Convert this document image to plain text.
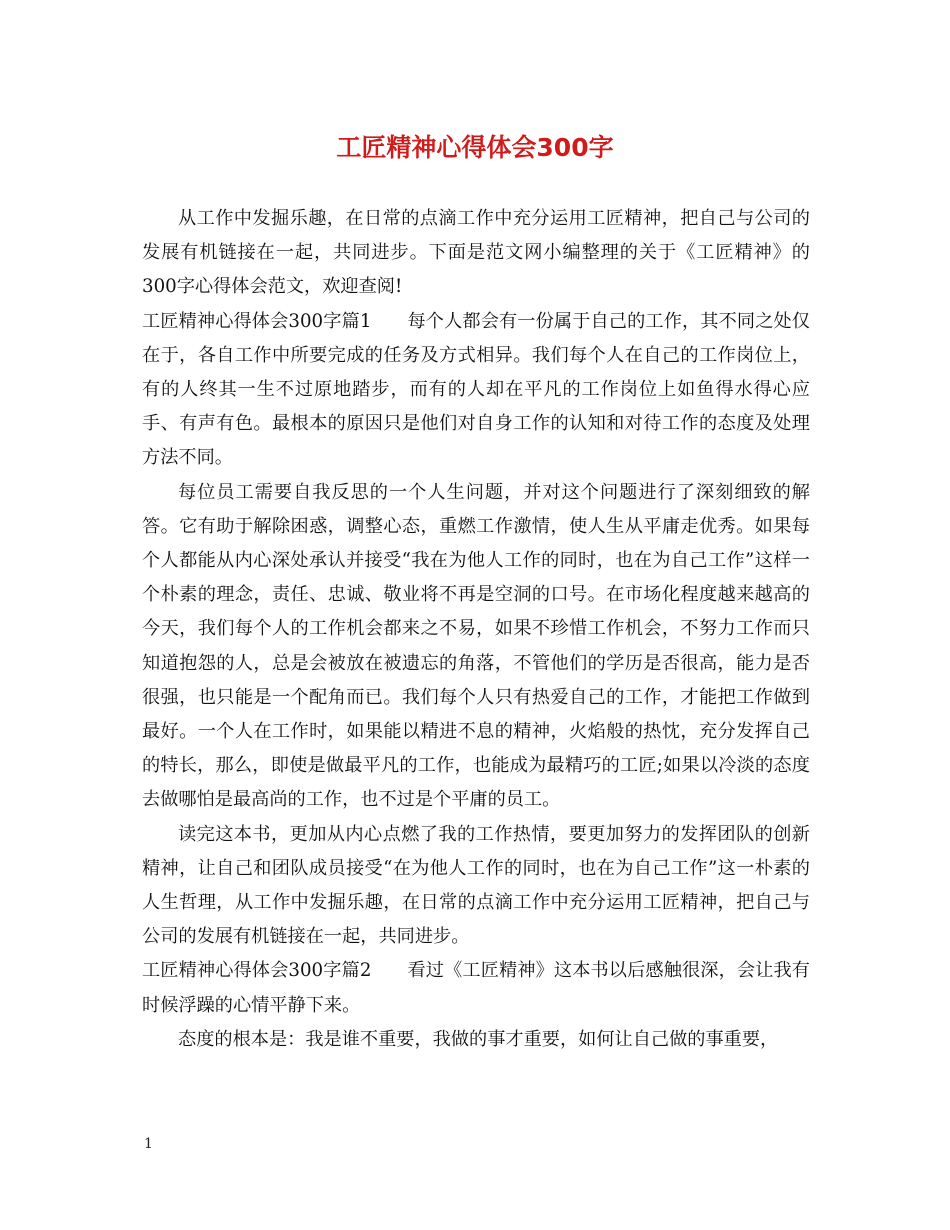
工匠精神心得体会300字

从工作中发掘乐趣，在日常的点滴工作中充分运用工匠精神，把自己与公司的发展有机链接在一起，共同进步。下面是范文网小编整理的关于《工匠精神》的300字心得体会范文，欢迎查阅!

工匠精神心得体会300字篇1 每个人都会有一份属于自己的工作，其不同之处仅在于，各自工作中所要完成的任务及方式相异。我们每个人在自己的工作岗位上，有的人终其一生不过原地踏步，而有的人却在平凡的工作岗位上如鱼得水得心应手、有声有色。最根本的原因只是他们对自身工作的认知和对待工作的态度及处理方法不同。

每位员工需要自我反思的一个人生问题，并对这个问题进行了深刻细致的解答。它有助于解除困惑，调整心态，重燃工作激情，使人生从平庸走优秀。如果每个人都能从内心深处承认并接受“我在为他人工作的同时，也在为自己工作”这样一个朴素的理念，责任、忠诚、敬业将不再是空洞的口号。在市场化程度越来越高的今天，我们每个人的工作机会都来之不易，如果不珍惜工作机会，不努力工作而只知道抱怨的人，总是会被放在被遗忘的角落，不管他们的学历是否很高，能力是否很强，也只能是一个配角而已。我们每个人只有热爱自己的工作，才能把工作做到最好。一个人在工作时，如果能以精进不息的精神，火焰般的热忱，充分发挥自己的特长，那么，即使是做最平凡的工作，也能成为最精巧的工匠;如果以冷淡的态度去做哪怕是最高尚的工作，也不过是个平庸的员工。

读完这本书，更加从内心点燃了我的工作热情，要更加努力的发挥团队的创新精神，让自己和团队成员接受“在为他人工作的同时，也在为自己工作”这一朴素的人生哲理，从工作中发掘乐趣，在日常的点滴工作中充分运用工匠精神，把自己与公司的发展有机链接在一起，共同进步。

工匠精神心得体会300字篇2 看过《工匠精神》这本书以后感触很深，会让我有时候浮躁的心情平静下来。

态度的根本是：我是谁不重要，我做的事才重要，如何让自己做的事重要，

1
